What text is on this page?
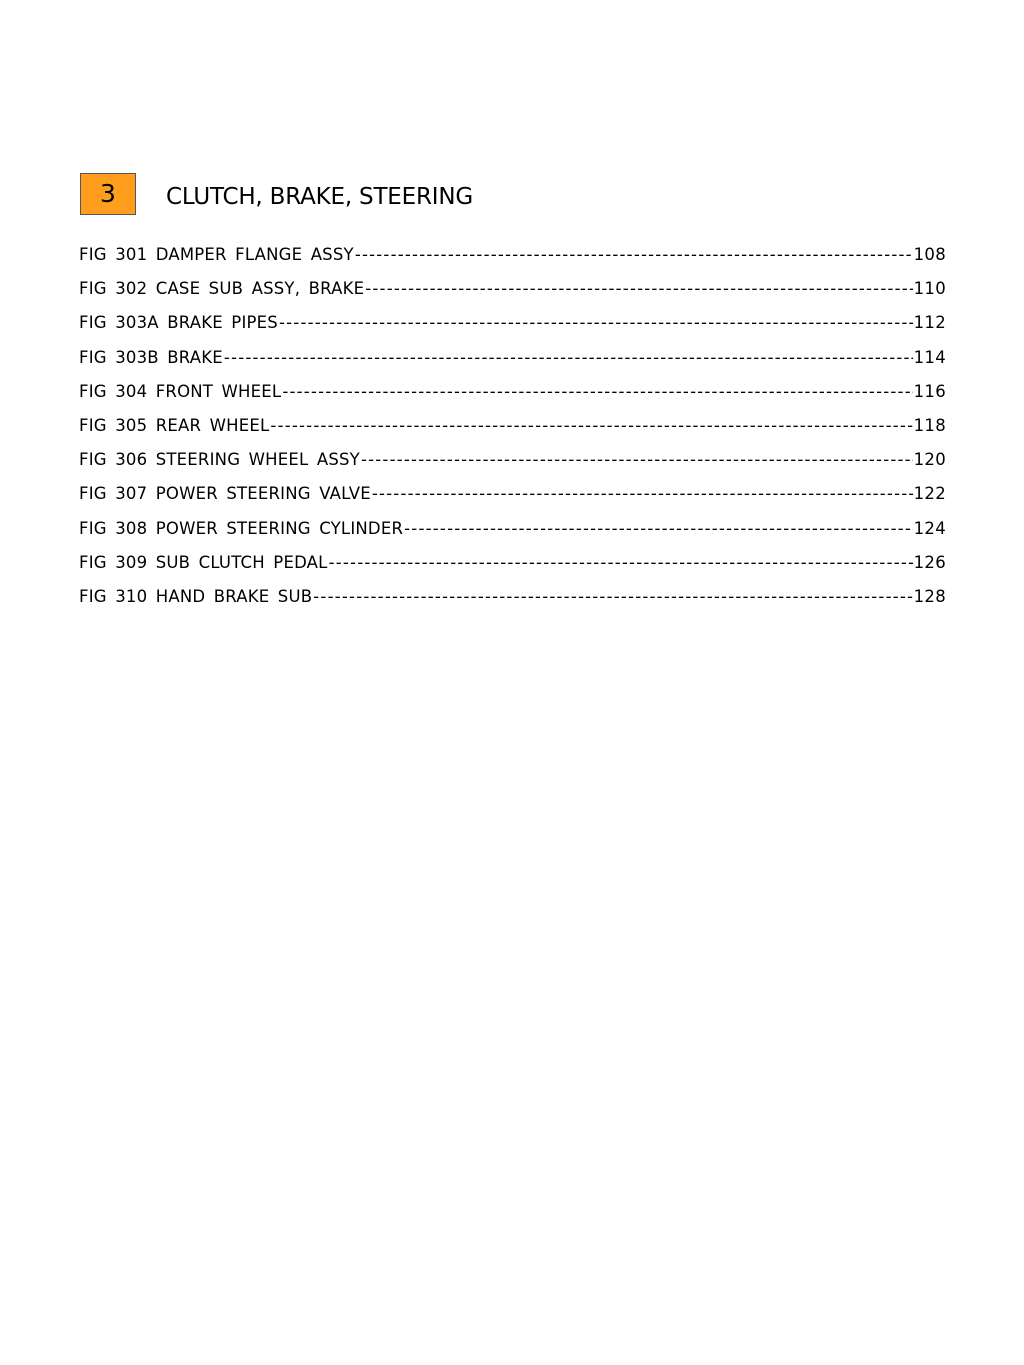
3	CLUTCH, BRAKE, STEERING
FIG 301 DAMPER FLANGE ASSY -----	108
FIG 302 CASE SUB ASSY, BRAKE -----	110
FIG 303A BRAKE PIPES -----	112
FIG 303B BRAKE -----	114
FIG 304 FRONT WHEEL -----	116
FIG 305 REAR WHEEL -----	118
FIG 306 STEERING WHEEL ASSY -----	120
FIG 307 POWER STEERING VALVE -----	122
FIG 308 POWER STEERING CYLINDER -----	124
FIG 309 SUB CLUTCH PEDAL -----	126
FIG 310 HAND BRAKE SUB -----	128
